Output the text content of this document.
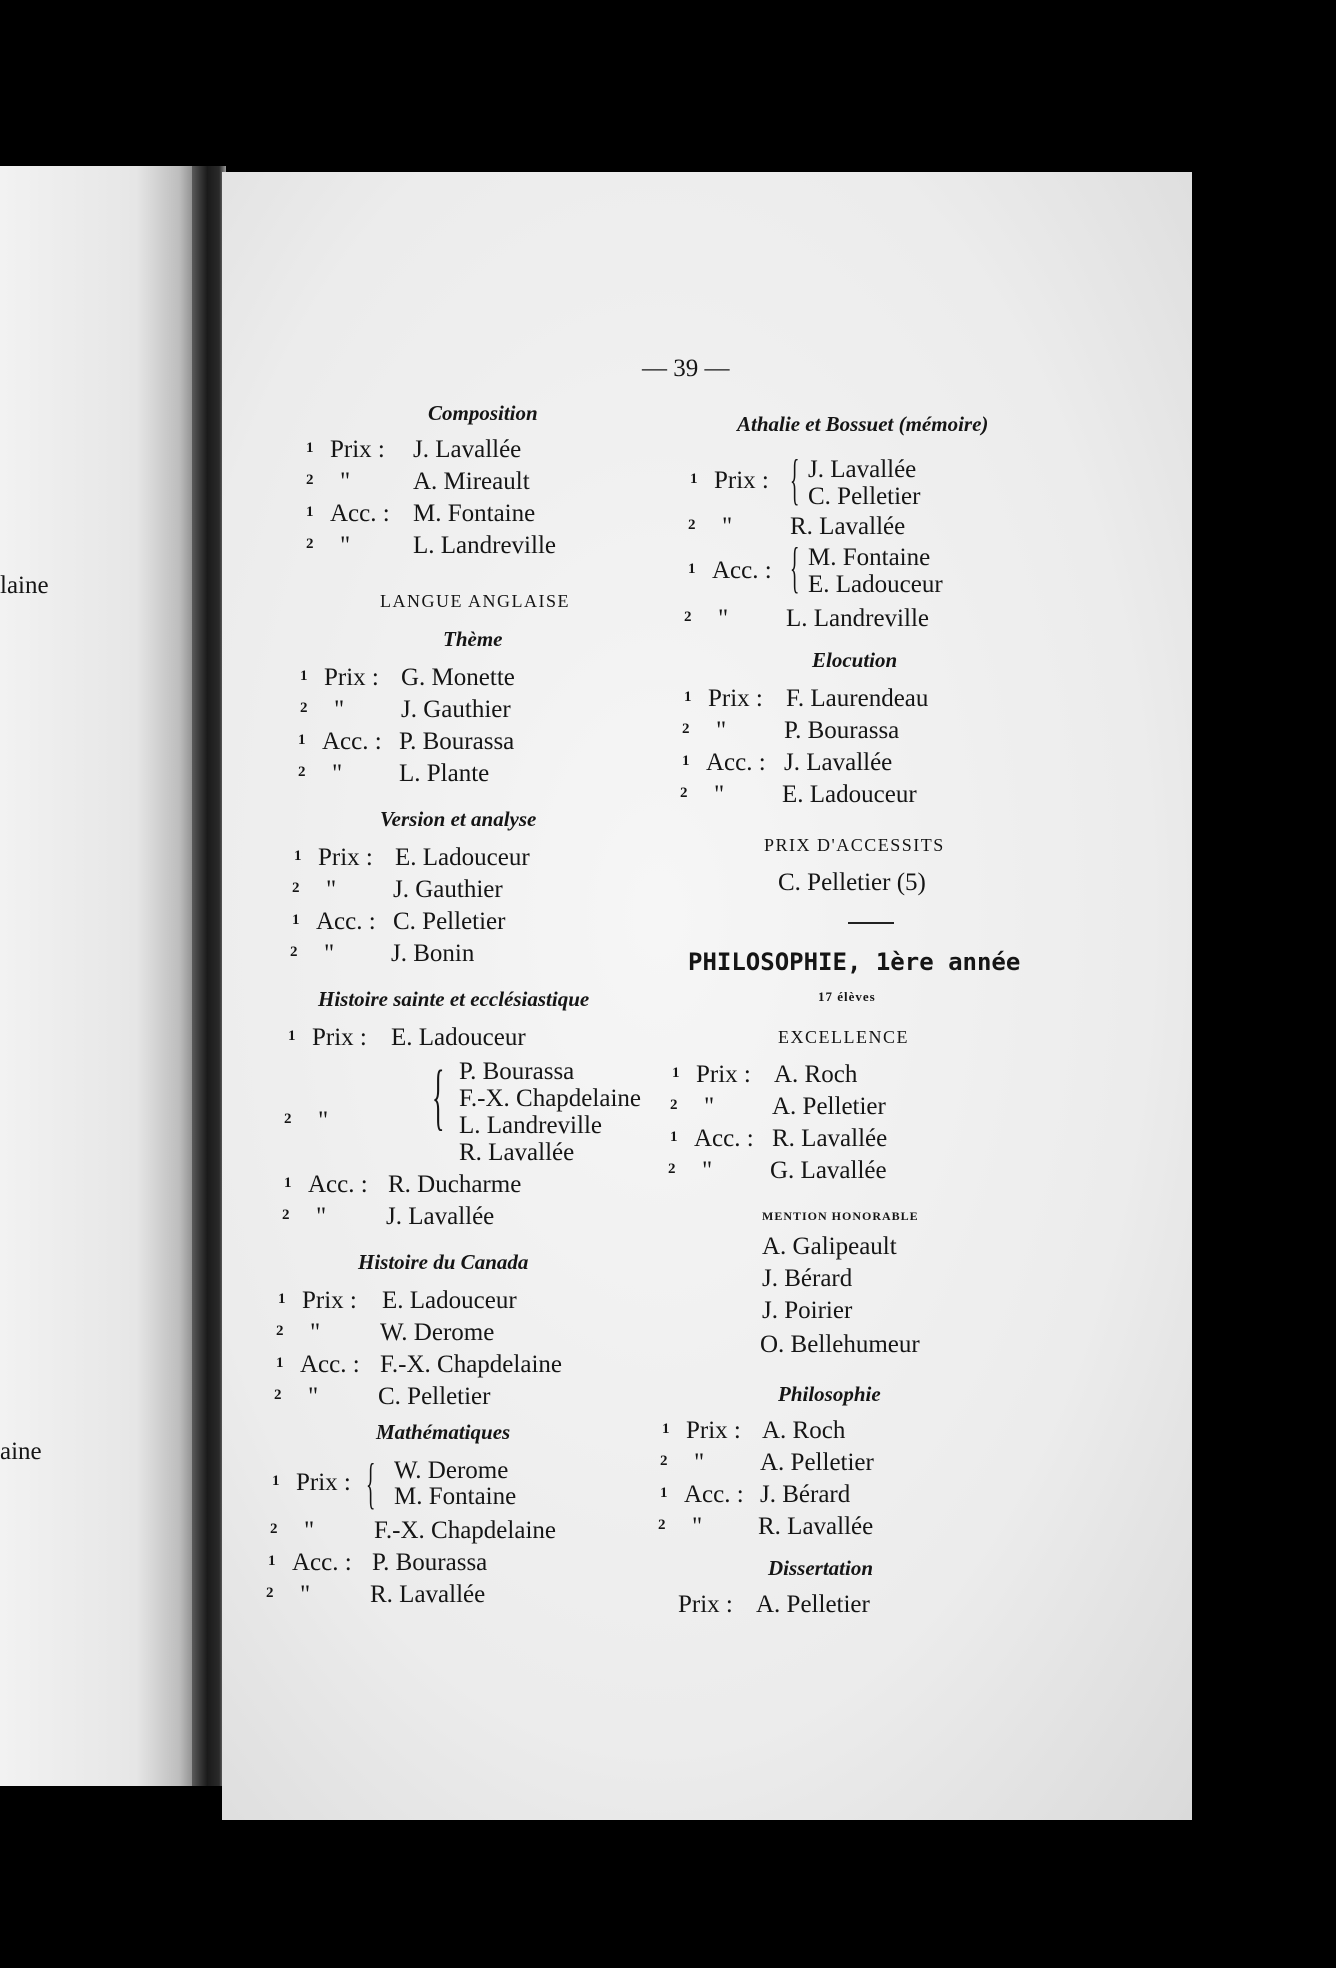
laine
aine
— 39 —
Composition
1 Prix : J. Lavallée
2 "	A. Mireault
1 Acc. : M. Fontaine
2 "	L. Landreville
LANGUE ANGLAISE
Thème
1 Prix : G. Monette
2 " J. Gauthier
1 Acc. : P. Bourassa
2 " L. Plante
Version et analyse
1 Prix : E. Ladouceur
2 " J. Gauthier
1 Acc. : C. Pelletier
2 " J. Bonin
Histoire sainte et ecclésiastique
1 Prix : E. Ladouceur
2 " { P. Bourassa
F.-X. Chapdelaine
L. Landreville
R. Lavallée
1 Acc. : R. Ducharme
2 " J. Lavallée
Histoire du Canada
1 Prix : E. Ladouceur
2 " W. Derome
1 Acc. : F.-X. Chapdelaine
2 " C. Pelletier
Mathématiques
1 Prix : { W. Derome
M. Fontaine
2 " F.-X. Chapdelaine
1 Acc. : P. Bourassa
2 " R. Lavallée
Athalie et Bossuet (mémoire)
1 Prix : { J. Lavallée
C. Pelletier
2 " R. Lavallée
1 Acc. : { M. Fontaine
E. Ladouceur
2 " L. Landreville
Elocution
1 Prix : F. Laurendeau
2 " P. Bourassa
1 Acc. : J. Lavallée
2 " E. Ladouceur
PRIX D'ACCESSITS
C. Pelletier (5)
PHILOSOPHIE, 1ère année
17 élèves
EXCELLENCE
1 Prix : A. Roch
2 " A. Pelletier
1 Acc. : R. Lavallée
2 " G. Lavallée
MENTION HONORABLE
A. Galipeault
J. Bérard
J. Poirier
O. Bellehumeur
Philosophie
1 Prix : A. Roch
2 " A. Pelletier
1 Acc. : J. Bérard
2 " R. Lavallée
Dissertation
Prix : A. Pelletier
